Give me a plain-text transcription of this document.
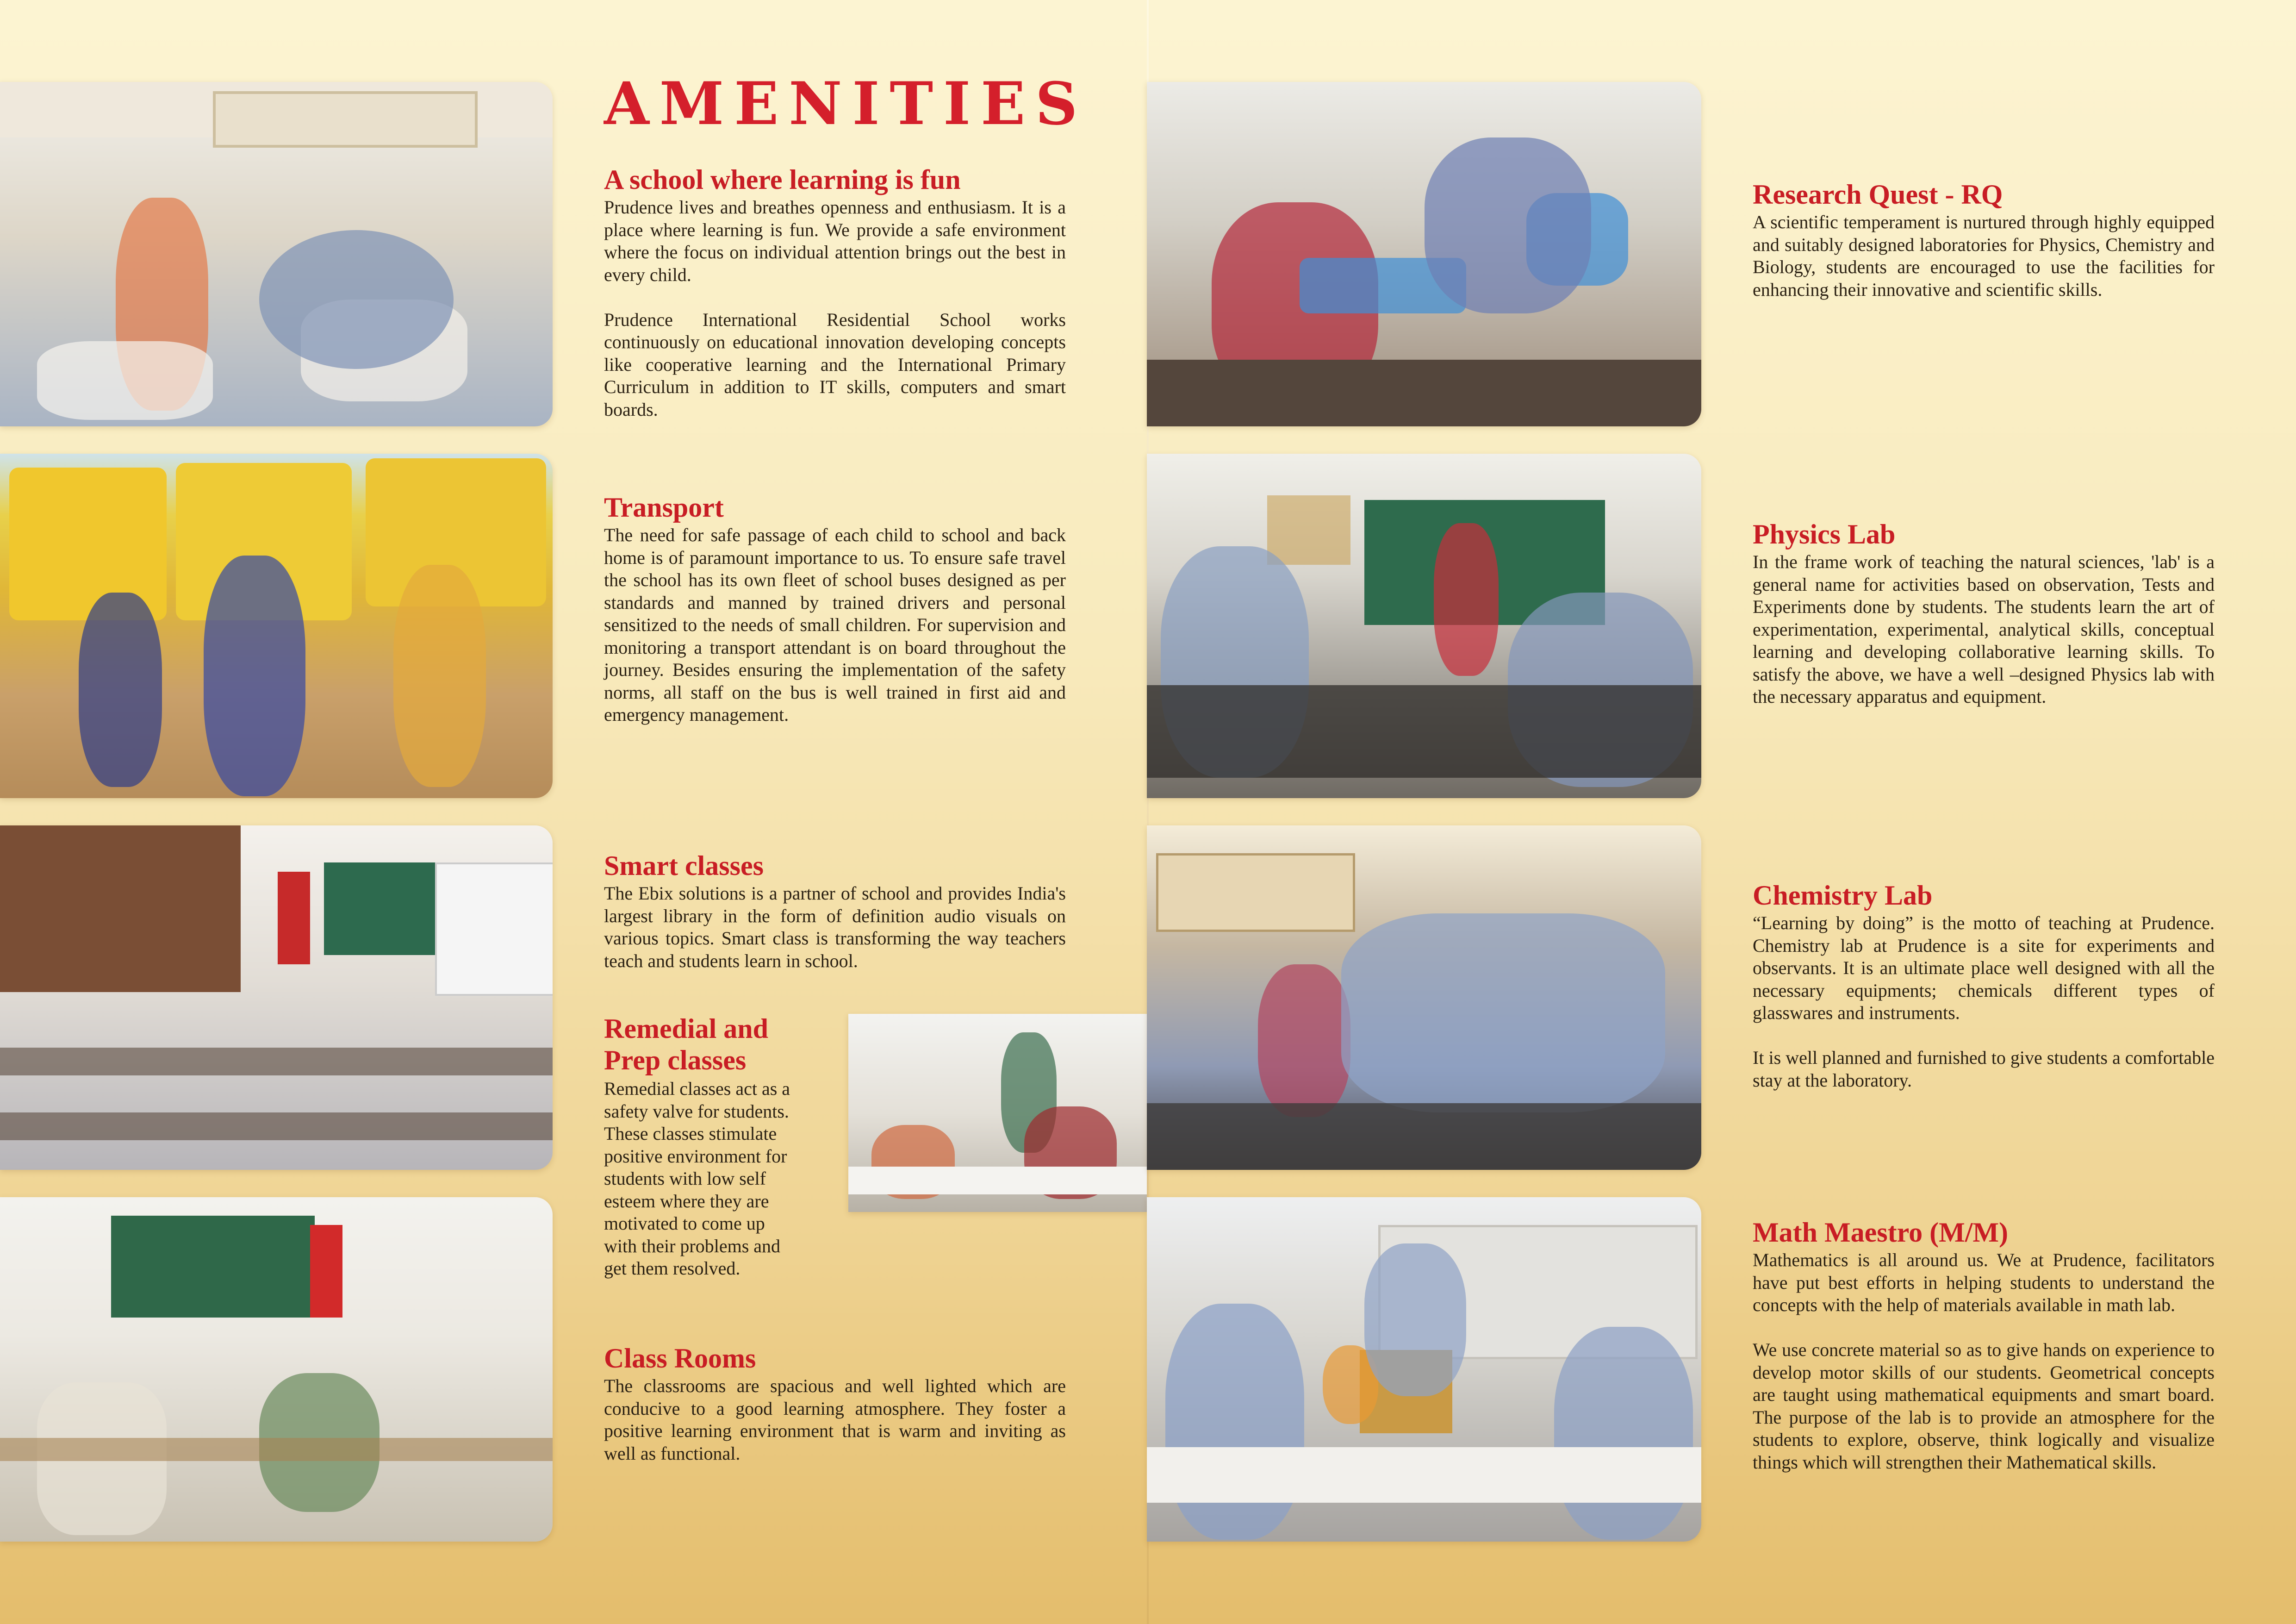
AMENITIES
A school where learning is fun

Prudence lives and breathes openness and enthusiasm. It is a place where learning is fun. We provide a safe environment where the focus on individual attention brings out the best in every child.

Prudence International Residential School works continuously on educational innovation developing concepts like cooperative learning and the International Primary Curriculum in addition to IT skills, computers and smart boards.

Transport

The need for safe passage of each child to school and back home is of paramount importance to us. To ensure safe travel the school has its own fleet of school buses designed as per standards and manned by trained drivers and personal sensitized to the needs of small children. For supervision and monitoring a transport attendant is on board throughout the journey. Besides ensuring the implementation of the safety norms, all staff on the bus is well trained in first aid and emergency management.

Smart classes

The Ebix solutions is a partner of school and provides India's largest library in the form of definition audio visuals on various topics. Smart class is transforming the way teachers teach and students learn in school.

Remedial and
Prep classes

Remedial classes act as a
safety valve for students.
These classes stimulate
positive environment for
students with low self
esteem where they are
motivated to come up
with their problems and
get them resolved.

Class Rooms

The classrooms are spacious and well lighted which are conducive to a good learning atmosphere. They foster a positive learning environment that is warm and inviting as well as functional.

Research Quest - RQ

A scientific temperament is nurtured through highly equipped and suitably designed laboratories for Physics, Chemistry and Biology, students are encouraged to use the facilities for enhancing their innovative and scientific skills.

Physics Lab

In the frame work of teaching the natural sciences, 'lab' is a general name for activities based on observation, Tests and Experiments done by students. The students learn the art of experimentation, experimental, analytical skills, conceptual learning and developing collaborative learning skills. To satisfy the above, we have a well –designed Physics lab with the necessary apparatus and equipment.

Chemistry Lab

“Learning by doing” is the motto of teaching at Prudence. Chemistry lab at Prudence is a site for experiments and observants. It is an ultimate place well designed with all the necessary equipments; chemicals different types of glasswares and instruments.

It is well planned and furnished to give students a comfortable stay at the laboratory.

Math Maestro (M/M)

Mathematics is all around us. We at Prudence, facilitators have put best efforts in helping students to understand the concepts with the help of materials available in math lab.

We use concrete material so as to give hands on experience to develop motor skills of our students. Geometrical concepts are taught using mathematical equipments and smart board. The purpose of the lab is to provide an atmosphere for the students to explore, observe, think logically and visualize things which will strengthen their Mathematical skills.
